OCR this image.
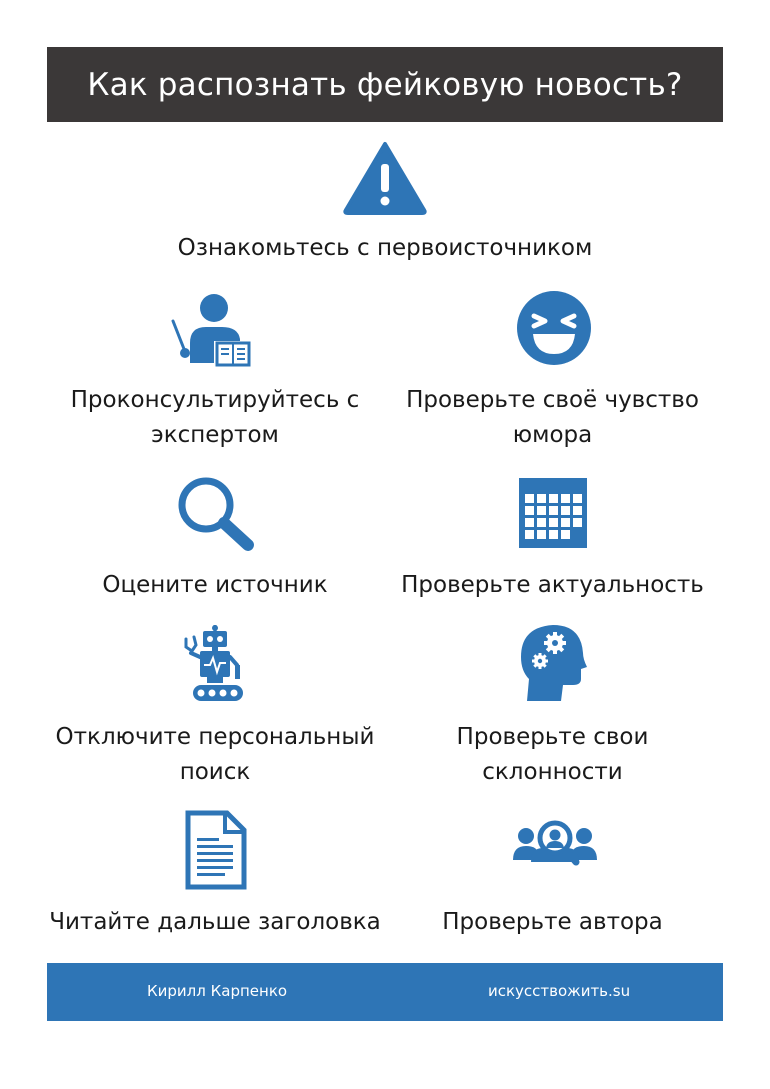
Как распознать фейковую новость?
Ознакомьтесь с первоисточником
Проконсультируйтесь с
экспертом
Проверьте своё чувство
юмора
Оцените источник	Проверьте актуальность
Отключите персональный
поиск
Проверьте свои
склонности
Читайте дальше заголовка	Проверьте автора
Кирилл Карпенко	искусствожить.su
